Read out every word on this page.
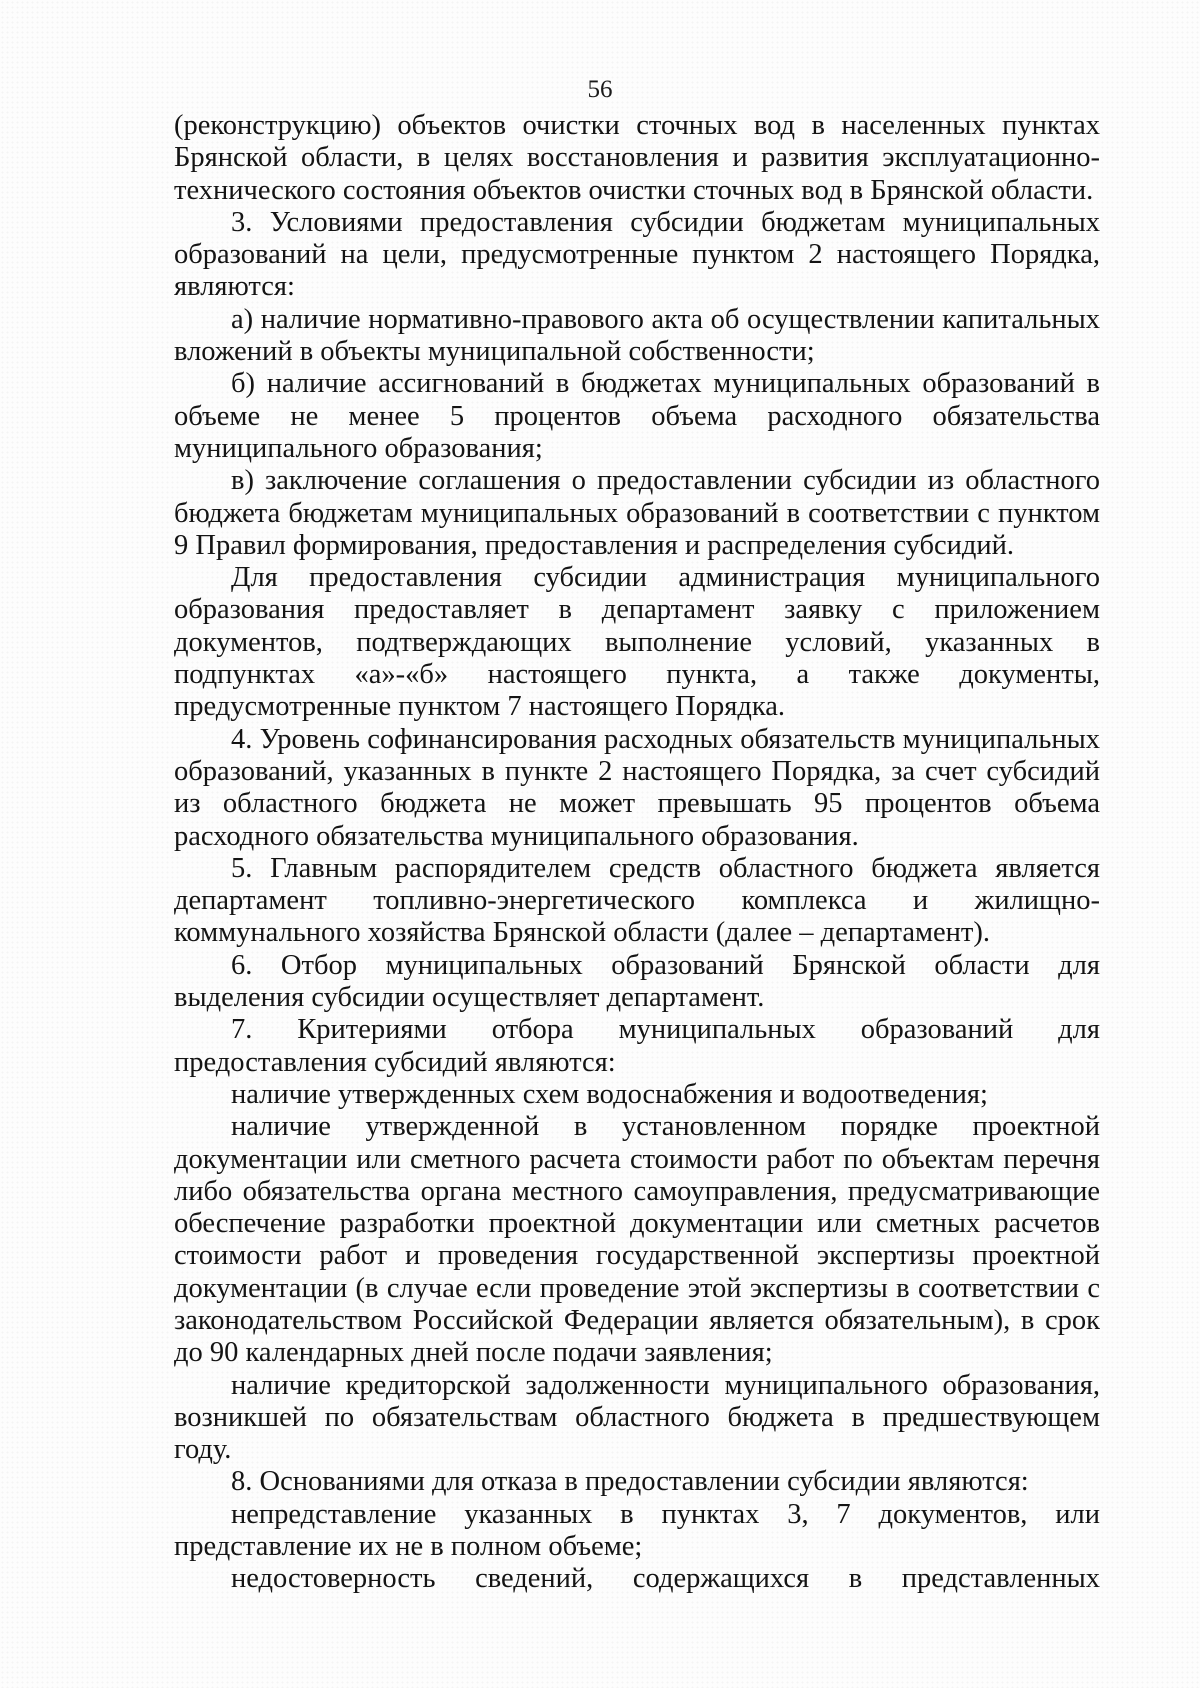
56

(реконструкцию) объектов очистки сточных вод в населенных пунктах Брянской области, в целях восстановления и развития эксплуатационно-технического состояния объектов очистки сточных вод в Брянской области.

3. Условиями предоставления субсидии бюджетам муниципальных образований на цели, предусмотренные пунктом 2 настоящего Порядка, являются:

а) наличие нормативно-правового акта об осуществлении капитальных вложений в объекты муниципальной собственности;

б) наличие ассигнований в бюджетах муниципальных образований в объеме не менее 5 процентов объема расходного обязательства муниципального образования;

в) заключение соглашения о предоставлении субсидии из областного бюджета бюджетам муниципальных образований в соответствии с пунктом 9 Правил формирования, предоставления и распределения субсидий.

Для предоставления субсидии администрация муниципального образования предоставляет в департамент заявку с приложением документов, подтверждающих выполнение условий, указанных в подпунктах «а»-«б» настоящего пункта, а также документы, предусмотренные пунктом 7 настоящего Порядка.

4. Уровень софинансирования расходных обязательств муниципальных образований, указанных в пункте 2 настоящего Порядка, за счет субсидий из областного бюджета не может превышать 95 процентов объема расходного обязательства муниципального образования.

5. Главным распорядителем средств областного бюджета является департамент топливно-энергетического комплекса и жилищно-коммунального хозяйства Брянской области (далее – департамент).

6. Отбор муниципальных образований Брянской области для выделения субсидии осуществляет департамент.

7. Критериями отбора муниципальных образований для предоставления субсидий являются:

наличие утвержденных схем водоснабжения и водоотведения;

наличие утвержденной в установленном порядке проектной документации или сметного расчета стоимости работ по объектам перечня либо обязательства органа местного самоуправления, предусматривающие обеспечение разработки проектной документации или сметных расчетов стоимости работ и проведения государственной экспертизы проектной документации (в случае если проведение этой экспертизы в соответствии с законодательством Российской Федерации является обязательным), в срок до 90 календарных дней после подачи заявления;

наличие кредиторской задолженности муниципального образования, возникшей по обязательствам областного бюджета в предшествующем году.

8. Основаниями для отказа в предоставлении субсидии являются:

непредставление указанных в пунктах 3, 7 документов, или представление их не в полном объеме;

недостоверность сведений, содержащихся в представленных
